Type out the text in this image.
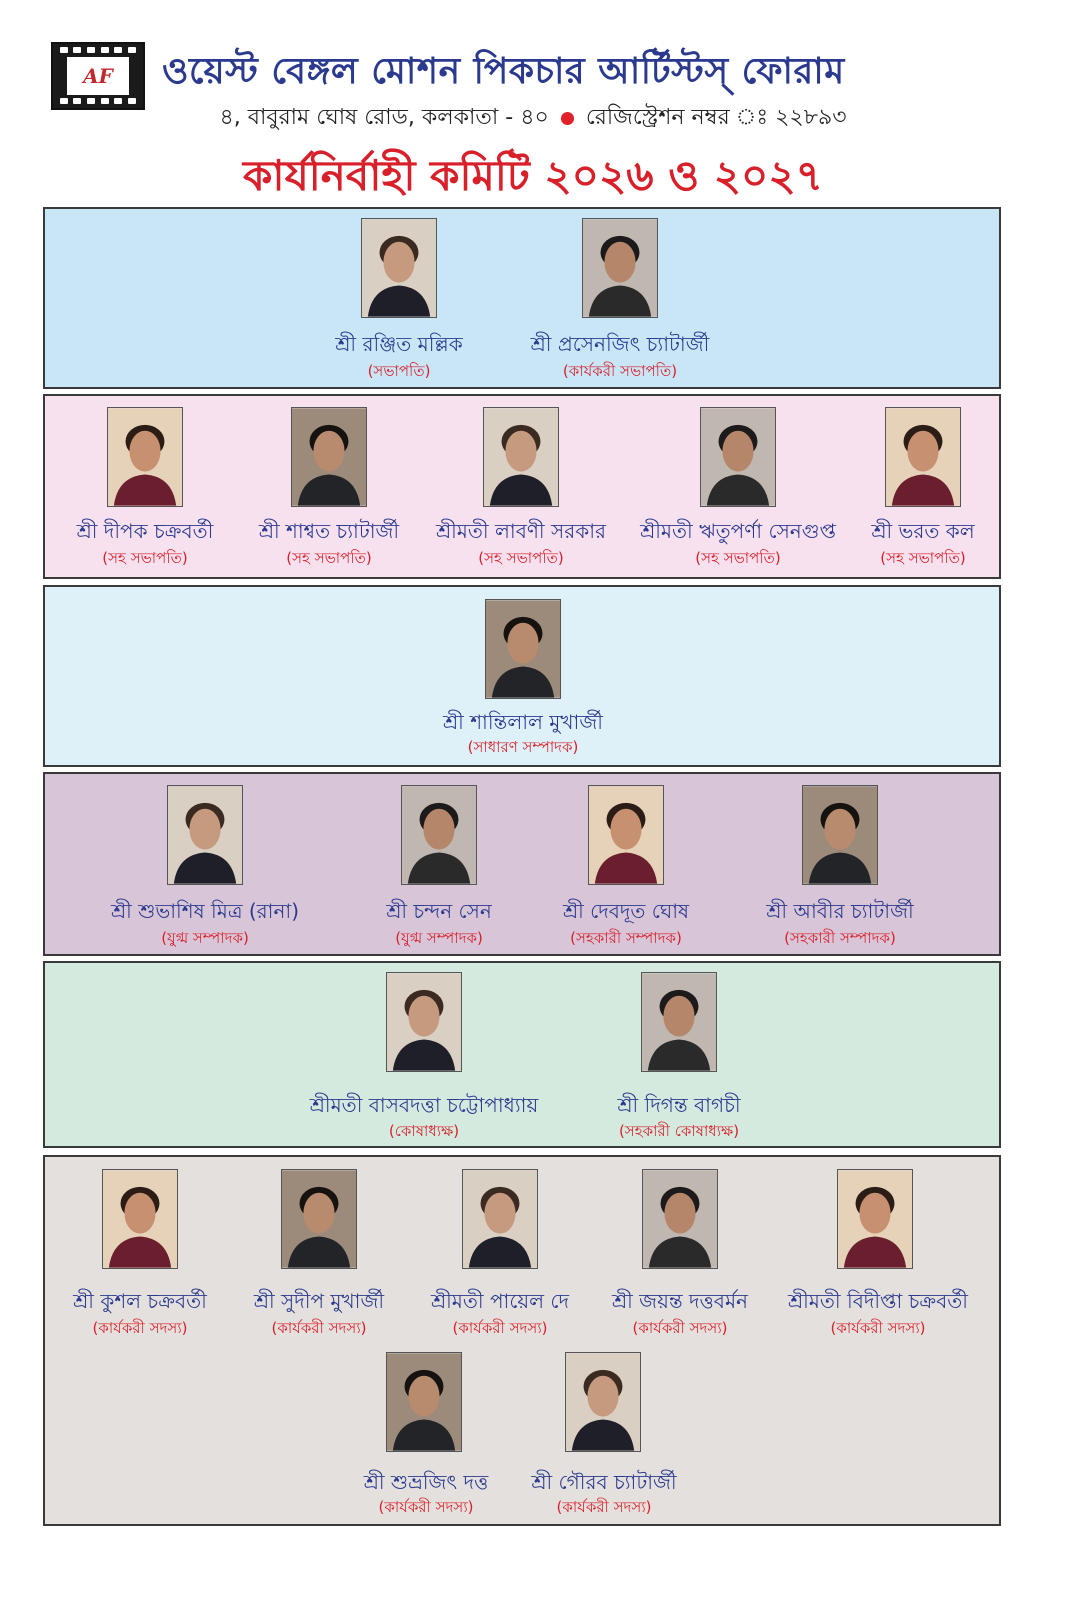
AF	ওয়েস্ট বেঙ্গল মোশন পিকচার আর্টিস্টস্ ফোরাম
৪, বাবুরাম ঘোষ রোড, কলকাতা - ৪০ রেজিস্ট্রেশন নম্বর ঃ ২২৮৯৩
কার্যনির্বাহী কমিটি ২০২৬ ও ২০২৭
শ্রী রঞ্জিত মল্লিক
(সভাপতি)
শ্রী প্রসেনজিৎ চ্যাটার্জী
(কার্যকরী সভাপতি)
শ্রী দীপক চক্রবর্তী
(সহ সভাপতি)
শ্রী শাশ্বত চ্যাটার্জী
(সহ সভাপতি)
শ্রীমতী লাবণী সরকার
(সহ সভাপতি)
শ্রীমতী ঋতুপর্ণা সেনগুপ্ত
(সহ সভাপতি)
শ্রী ভরত কল
(সহ সভাপতি)
শ্রী শান্তিলাল মুখার্জী
(সাধারণ সম্পাদক)
শ্রী শুভাশিষ মিত্র (রানা)
(যুগ্ম সম্পাদক)
শ্রী চন্দন সেন
(যুগ্ম সম্পাদক)
শ্রী দেবদূত ঘোষ
(সহকারী সম্পাদক)
শ্রী আবীর চ্যাটার্জী
(সহকারী সম্পাদক)
শ্রীমতী বাসবদত্তা চট্টোপাধ্যায়
(কোষাধ্যক্ষ)
শ্রী দিগন্ত বাগচী
(সহকারী কোষাধ্যক্ষ)
শ্রী কুশল চক্রবর্তী
(কার্যকরী সদস্য)
শ্রী সুদীপ মুখার্জী
(কার্যকরী সদস্য)
শ্রীমতী পায়েল দে
(কার্যকরী সদস্য)
শ্রী জয়ন্ত দত্তবর্মন
(কার্যকরী সদস্য)
শ্রীমতী বিদীপ্তা চক্রবর্তী
(কার্যকরী সদস্য)
শ্রী শুভ্রজিৎ দত্ত
(কার্যকরী সদস্য)
শ্রী গৌরব চ্যাটার্জী
(কার্যকরী সদস্য)
